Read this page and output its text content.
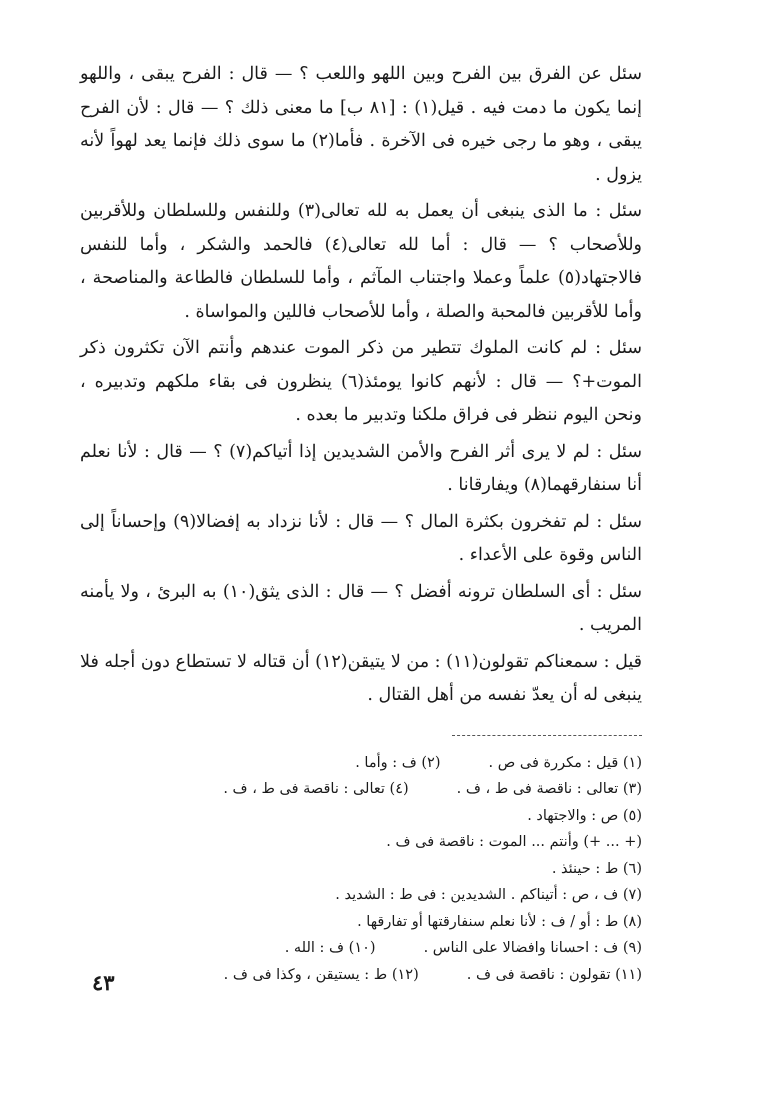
سئل عن الفرق بين الفرح وبين اللهو واللعب ؟ — قال : الفرح يبقى ، واللهو إنما يكون ما دمت فيه . قيل(١) : [٨١ ب] ما معنى ذلك ؟ — قال : لأن الفرح يبقى ، وهو ما رجى خيره فى الآخرة . فأما(٢) ما سوى ذلك فإنما يعد لهواً لأنه يزول .

سئل : ما الذى ينبغى أن يعمل به لله تعالى(٣) وللنفس وللسلطان وللأقربين وللأصحاب ؟ — قال : أما لله تعالى(٤) فالحمد والشكر ، وأما للنفس فالاجتهاد(٥) علماً وعملا واجتناب المآثم ، وأما للسلطان فالطاعة والمناصحة ، وأما للأقربين فالمحبة والصلة ، وأما للأصحاب فاللين والمواساة .

سئل : لم كانت الملوك تتطير من ذكر الموت عندهم وأنتم الآن تكثرون ذكر الموت+؟ — قال : لأنهم كانوا يومئذ(٦) ينظرون فى بقاء ملكهم وتدبيره ، ونحن اليوم ننظر فى فراق ملكنا وتدبير ما بعده .

سئل : لم لا يرى أثر الفرح والأمن الشديدين إذا أتياكم(٧) ؟ — قال : لأنا نعلم أنا سنفارقهما(٨) ويفارقانا .

سئل : لم تفخرون بكثرة المال ؟ — قال : لأنا نزداد به إفضالا(٩) وإحساناً إلى الناس وقوة على الأعداء .

سئل : أى السلطان ترونه أفضل ؟ — قال : الذى يثق(١٠) به البرئ ، ولا يأمنه المريب .

قيل : سمعناكم تقولون(١١) : من لا يتيقن(١٢) أن قتاله لا تستطاع دون أجله فلا ينبغى له أن يعدّ نفسه من أهل القتال .

(١) قيل : مكررة فى ص .
(٢) ف : وأما .
(٣) تعالى : ناقصة فى ط ، ف .
(٤) تعالى : ناقصة فى ط ، ف .
(٥) ص : والاجتهاد .
(+ ... +) وأنتم ... الموت : ناقصة فى ف .
(٦) ط : حينئذ .
(٧) ف ، ص : أتيناكم . الشديدين : فى ط : الشديد .
(٨) ط : أو / ف : لأنا نعلم سنفارقتها أو تفارقها .
(٩) ف : احسانا وافضالا على الناس .
(١٠) ف : الله .
(١١) تقولون : ناقصة فى ف .
(١٢) ط : يستيقن ، وكذا فى ف .
٤٣
